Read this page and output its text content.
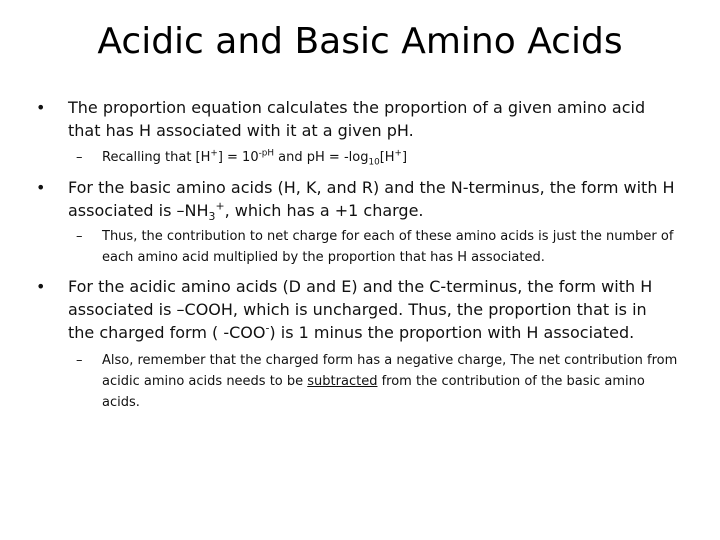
Acidic and Basic Amino Acids
• The proportion equation calculates the proportion of a given amino acid that has H associated with it at a given pH.
– Recalling that $[H^+] = 10^{-pH}$ and pH = $-\log_{10}[H^+]$
• For the basic amino acids (H, K, and R) and the N-terminus, the form with H associated is $-NH_3^+$, which has a +1 charge.
– Thus, the contribution to net charge for each of these amino acids is just the number of each amino acid multiplied by the proportion that has H associated.
• For the acidic amino acids (D and E) and the C-terminus, the form with H associated is –COOH, which is uncharged. Thus, the proportion that is in the charged form ( -COO-) is 1 minus the proportion with H associated.
– Also, remember that the charged form has a negative charge, The net contribution from acidic amino acids needs to be subtracted from the contribution of the basic amino acids.
